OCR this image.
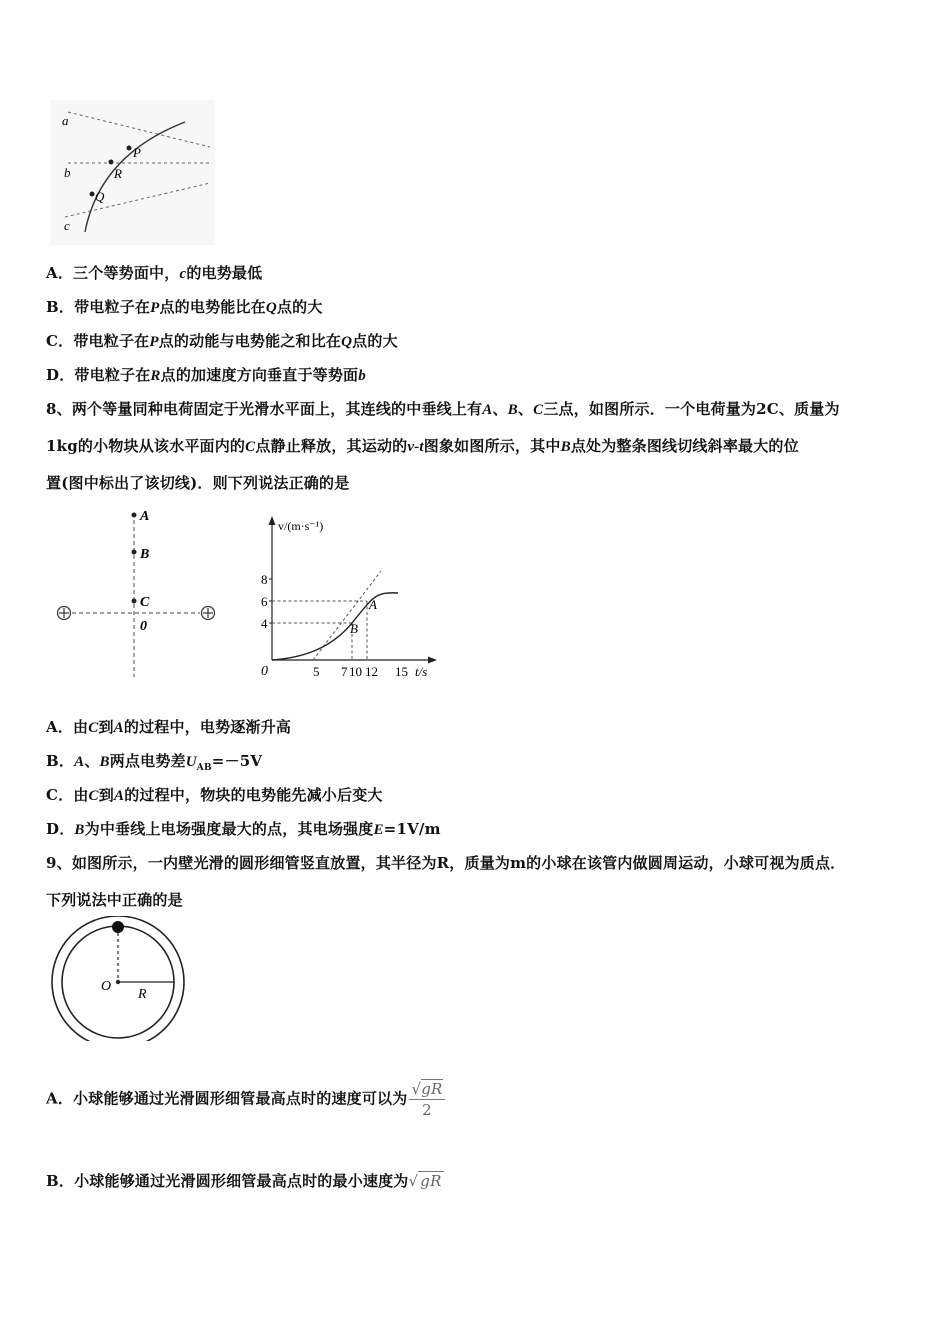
a
b
c
P
R
Q
A．三个等势面中，c的电势最低
B．带电粒子在P点的电势能比在Q点的大
C．带电粒子在P点的动能与电势能之和比在Q点的大
D．带电粒子在R点的加速度方向垂直于等势面b
8、两个等量同种电荷固定于光滑水平面上，其连线的中垂线上有A、B、C三点，如图所示．一个电荷量为2C、质量为
1kg的小物块从该水平面内的C点静止释放，其运动的v-t图象如图所示，其中B点处为整条图线切线斜率最大的位
置(图中标出了该切线)．则下列说法正确的是
A
B
C
0
v/(m·s⁻¹)
t/s
0
8
6
4
A
B
5 7 10 12 15
A．由C到A的过程中，电势逐渐升高
B．A、B两点电势差$U_{AB}=-5V$
C．由C到A的过程中，物块的电势能先减小后变大
D．B为中垂线上电场强度最大的点，其电场强度E=1V/m
9、如图所示，一内壁光滑的圆形细管竖直放置，其半径为R，质量为m的小球在该管内做圆周运动，小球可视为质点．
下列说法中正确的是
O
R
A．小球能够通过光滑圆形细管最高点时的速度可以为 $\frac{√gR}{2}$
B．小球能够通过光滑圆形细管最高点时的最小速度为√ gR
